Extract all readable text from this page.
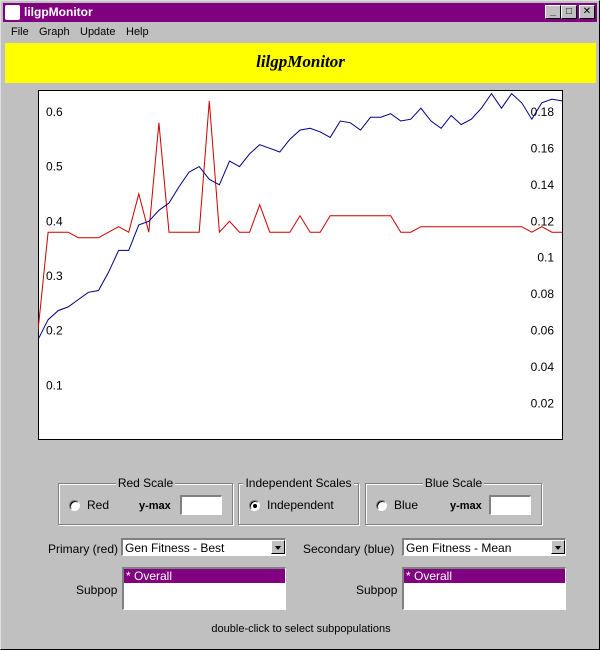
lilgpMonitor	_	□	✕
File Graph Update Help
lilgpMonitor
0.6
0.5
0.4
0.3
0.2
0.1
0.18
0.16
0.14
0.12
0.1
0.08
0.06
0.04
0.02
Red Scale
Red	y-max
Independent Scales
Independent
Blue Scale
Blue	y-max
Primary (red) Gen Fitness - Best	Secondary (blue) Gen Fitness - Mean
Subpop
* Overall
Subpop
* Overall
double-click to select subpopulations
